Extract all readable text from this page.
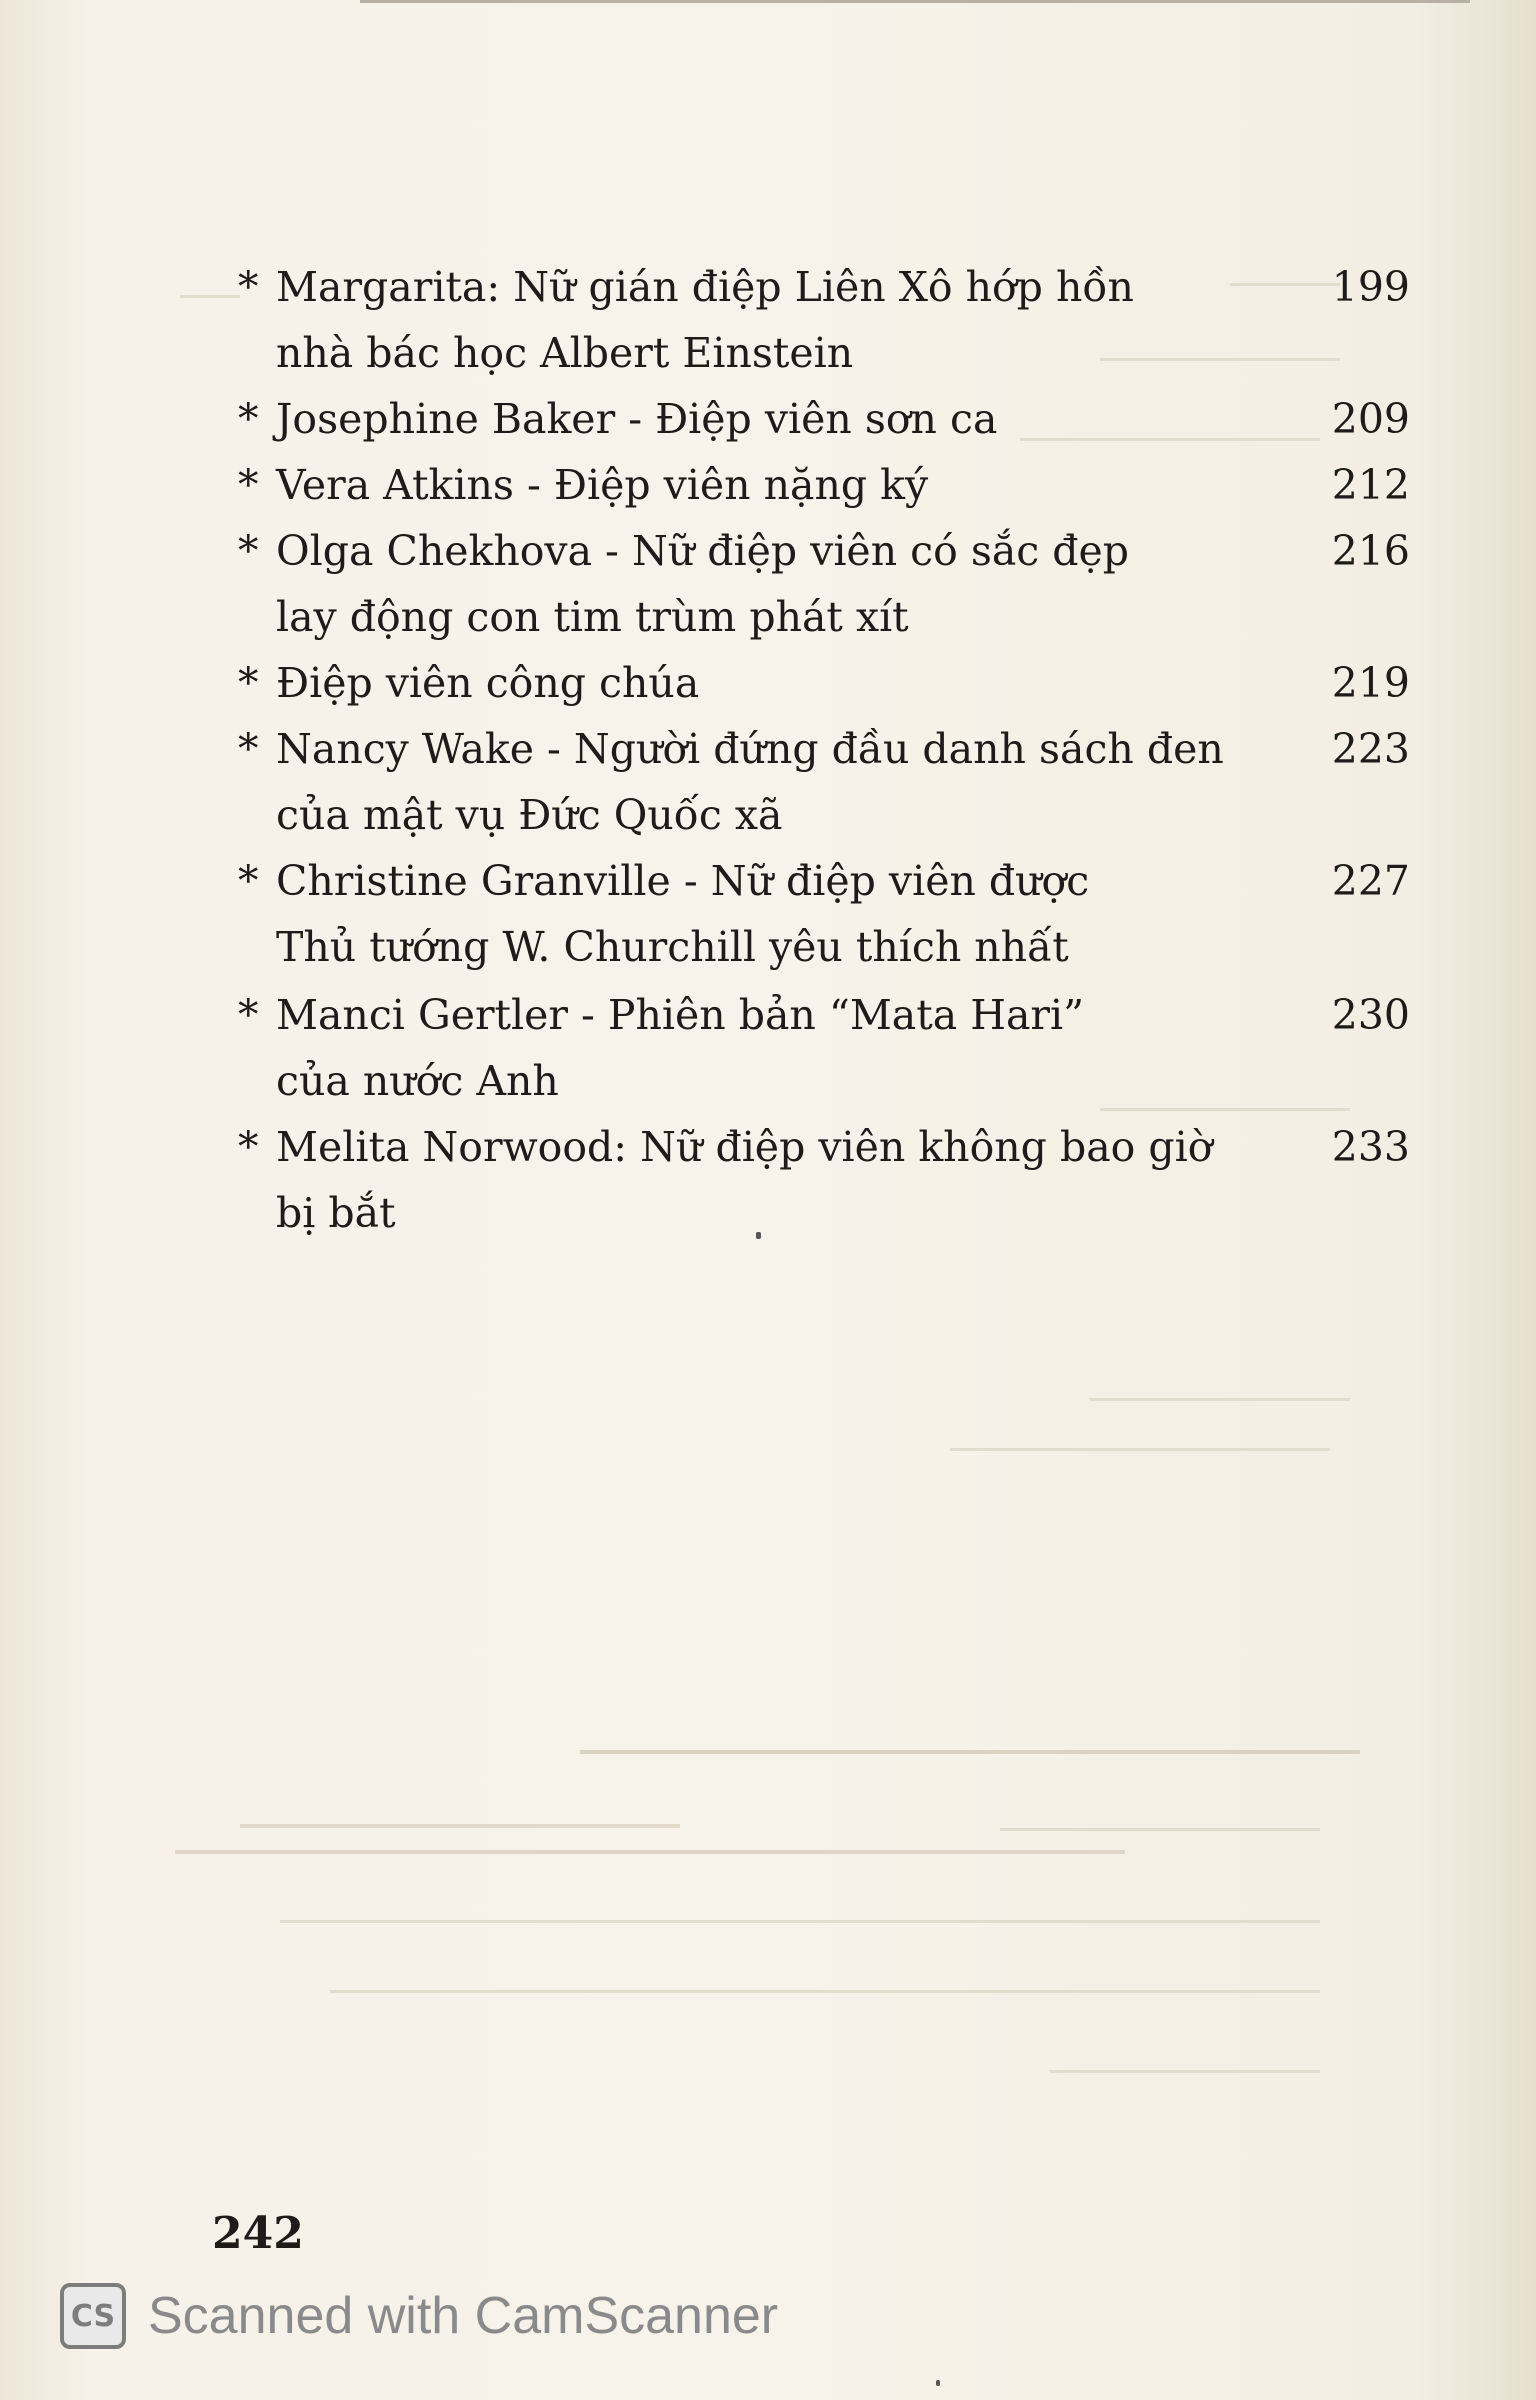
* Margarita: Nữ gián điệp Liên Xô hớp hồn	199
nhà bác học Albert Einstein
* Josephine Baker - Điệp viên sơn ca	209
* Vera Atkins - Điệp viên nặng ký	212
* Olga Chekhova - Nữ điệp viên có sắc đẹp	216
lay động con tim trùm phát xít
* Điệp viên công chúa	219
* Nancy Wake - Người đứng đầu danh sách đen	223
của mật vụ Đức Quốc xã
* Christine Granville - Nữ điệp viên được	227
Thủ tướng W. Churchill yêu thích nhất
* Manci Gertler - Phiên bản “Mata Hari”	230
của nước Anh
* Melita Norwood: Nữ điệp viên không bao giờ	233
bị bắt
242
CS Scanned with CamScanner
